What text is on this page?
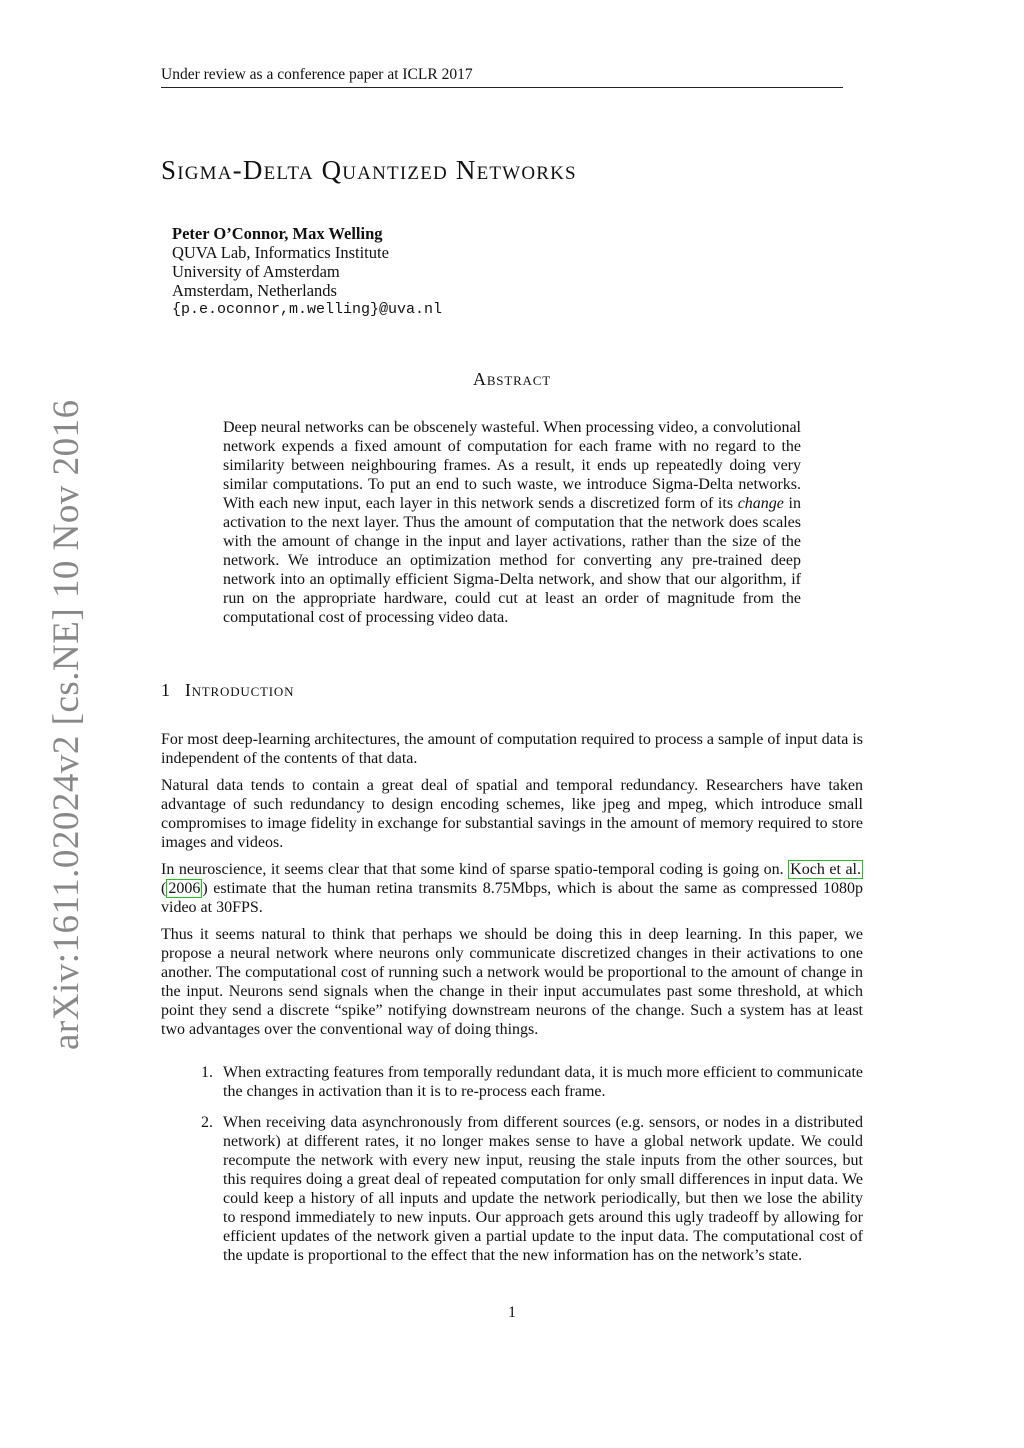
Under review as a conference paper at ICLR 2017
arXiv:1611.02024v2 [cs.NE] 10 Nov 2016
Sigma-Delta Quantized Networks
Peter O’Connor, Max Welling
QUVA Lab, Informatics Institute
University of Amsterdam
Amsterdam, Netherlands
{p.e.oconnor,m.welling}@uva.nl
Abstract

Deep neural networks can be obscenely wasteful. When processing video, a convolutional network expends a fixed amount of computation for each frame with no regard to the similarity between neighbouring frames. As a result, it ends up repeatedly doing very similar computations. To put an end to such waste, we introduce Sigma-Delta networks. With each new input, each layer in this network sends a discretized form of its change in activation to the next layer. Thus the amount of computation that the network does scales with the amount of change in the input and layer activations, rather than the size of the network. We introduce an optimization method for converting any pre-trained deep network into an optimally efficient Sigma-Delta network, and show that our algorithm, if run on the appropriate hardware, could cut at least an order of magnitude from the computational cost of processing video data.

1 Introduction

For most deep-learning architectures, the amount of computation required to process a sample of input data is independent of the contents of that data.

Natural data tends to contain a great deal of spatial and temporal redundancy. Researchers have taken advantage of such redundancy to design encoding schemes, like jpeg and mpeg, which introduce small compromises to image fidelity in exchange for substantial savings in the amount of memory required to store images and videos.

In neuroscience, it seems clear that that some kind of sparse spatio-temporal coding is going on. Koch et al. ( 2006 ) estimate that the human retina transmits 8.75Mbps, which is about the same as compressed 1080p video at 30FPS.

Thus it seems natural to think that perhaps we should be doing this in deep learning. In this paper, we propose a neural network where neurons only communicate discretized changes in their activations to one another. The computational cost of running such a network would be proportional to the amount of change in the input. Neurons send signals when the change in their input accumulates past some threshold, at which point they send a discrete “spike” notifying downstream neurons of the change. Such a system has at least two advantages over the conventional way of doing things.

1. When extracting features from temporally redundant data, it is much more efficient to communicate the changes in activation than it is to re-process each frame.
2. When receiving data asynchronously from different sources (e.g. sensors, or nodes in a distributed network) at different rates, it no longer makes sense to have a global network update. We could recompute the network with every new input, reusing the stale inputs from the other sources, but this requires doing a great deal of repeated computation for only small differences in input data. We could keep a history of all inputs and update the network periodically, but then we lose the ability to respond immediately to new inputs. Our approach gets around this ugly tradeoff by allowing for efficient updates of the network given a partial update to the input data. The computational cost of the update is proportional to the effect that the new information has on the network’s state.
1
